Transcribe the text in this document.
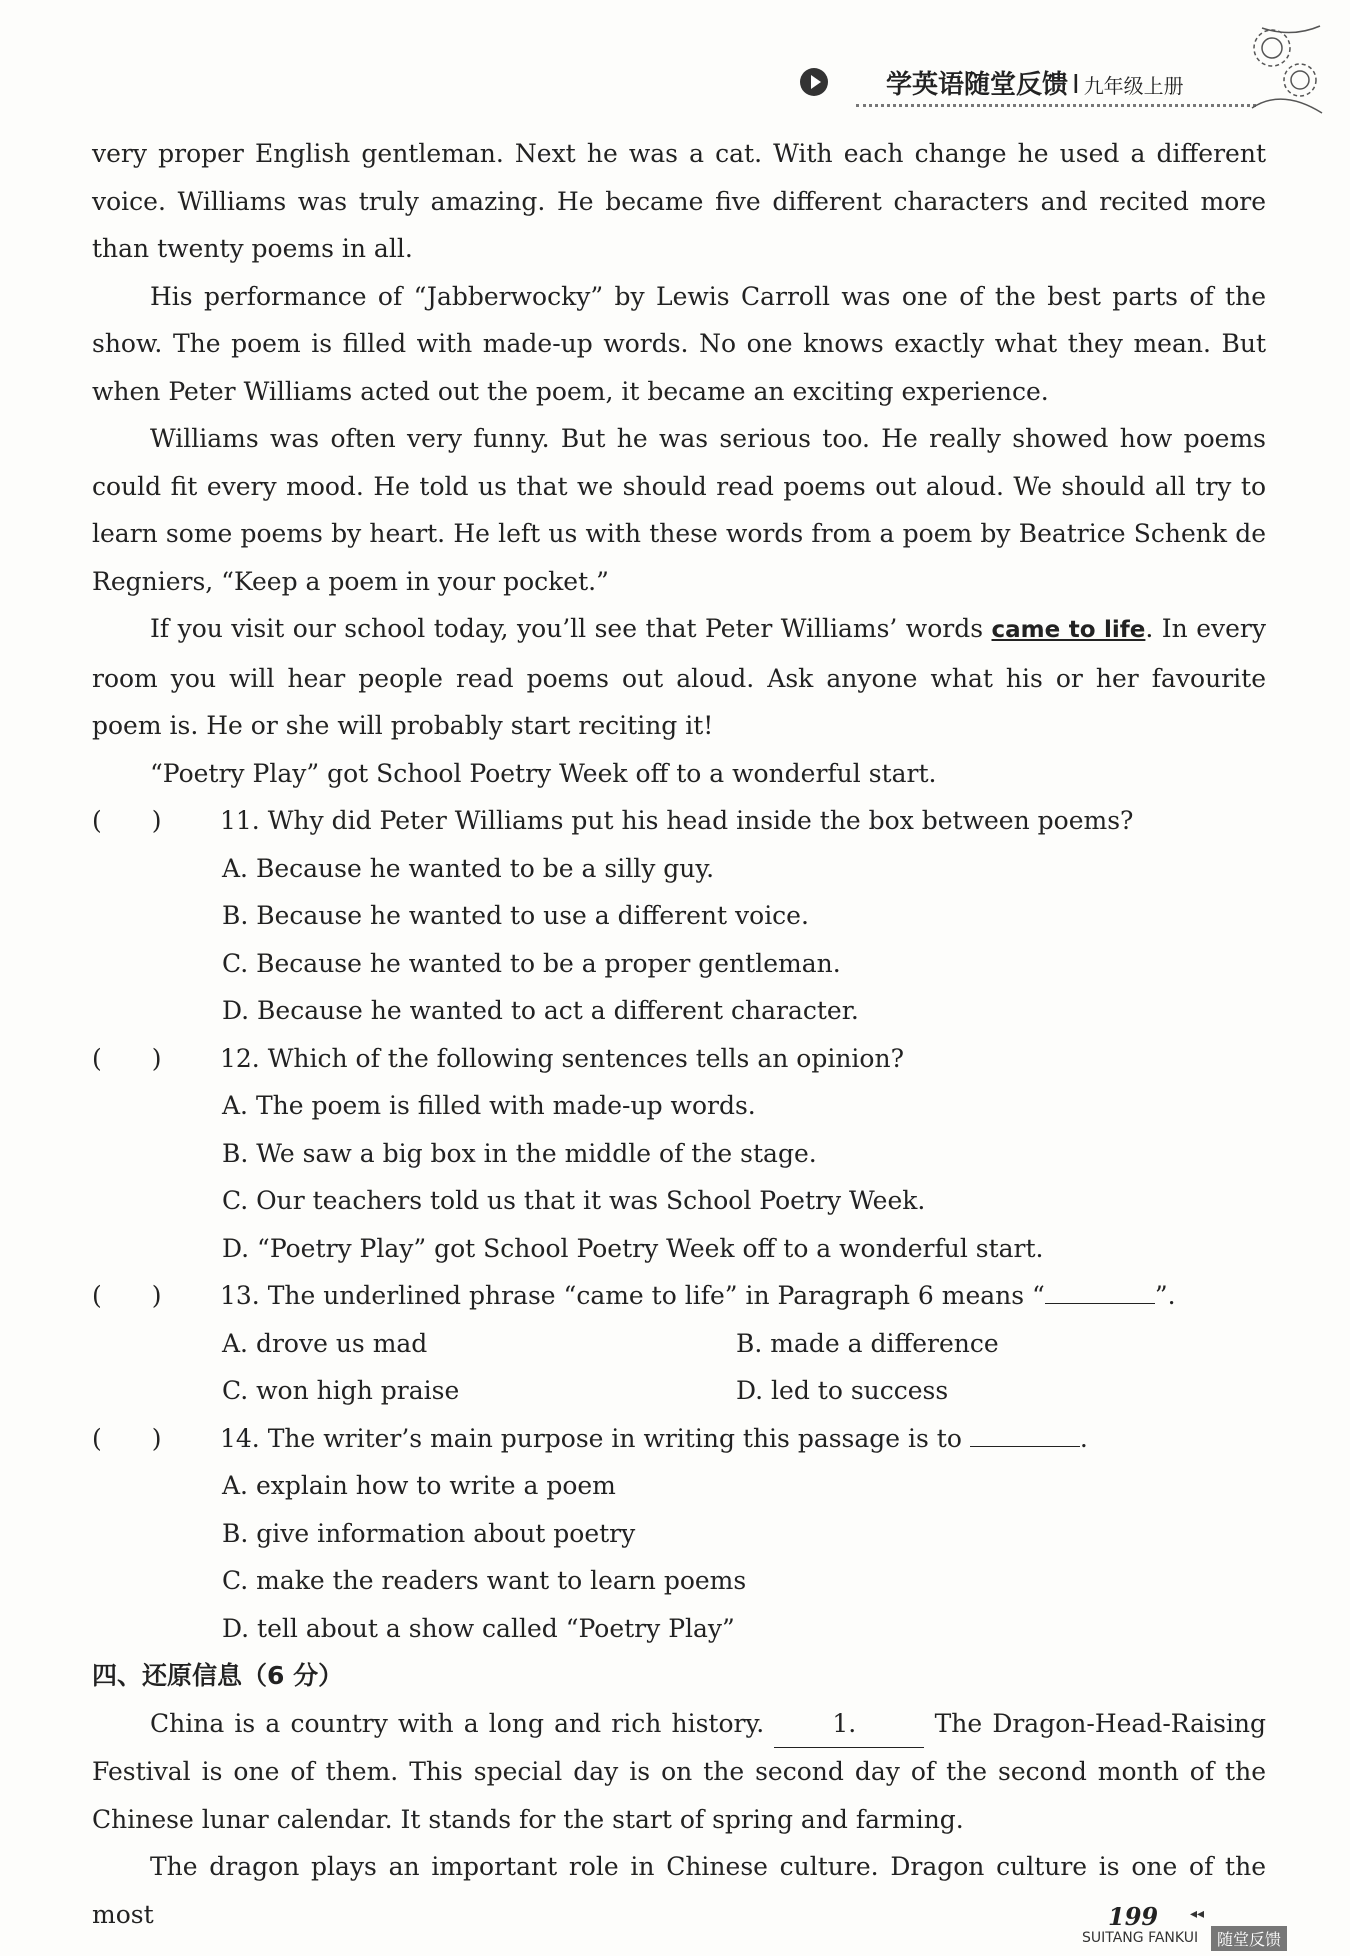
学英语随堂反馈 I 九年级上册

very proper English gentleman. Next he was a cat. With each change he used a different voice. Williams was truly amazing. He became five different characters and recited more than twenty poems in all.

His performance of “Jabberwocky” by Lewis Carroll was one of the best parts of the show. The poem is filled with made-up words. No one knows exactly what they mean. But when Peter Williams acted out the poem, it became an exciting experience.

Williams was often very funny. But he was serious too. He really showed how poems could fit every mood. He told us that we should read poems out aloud. We should all try to learn some poems by heart. He left us with these words from a poem by Beatrice Schenk de Regniers, “Keep a poem in your pocket.”

If you visit our school today, you’ll see that Peter Williams’ words came to life. In every room you will hear people read poems out aloud. Ask anyone what his or her favourite poem is. He or she will probably start reciting it!

“Poetry Play” got School Poetry Week off to a wonderful start.

(　　)	11. Why did Peter Williams put his head inside the box between poems?
A. Because he wanted to be a silly guy.
B. Because he wanted to use a different voice.
C. Because he wanted to be a proper gentleman.
D. Because he wanted to act a different character.
(　　)	12. Which of the following sentences tells an opinion?
A. The poem is filled with made-up words.
B. We saw a big box in the middle of the stage.
C. Our teachers told us that it was School Poetry Week.
D. “Poetry Play” got School Poetry Week off to a wonderful start.
(　　)	13. The underlined phrase “came to life” in Paragraph 6 means “	”.
A. drove us mad	B. made a difference
C. won high praise	D. led to success
(　　)	14. The writer’s main purpose in writing this passage is to	.
A. explain how to write a poem
B. give information about poetry
C. make the readers want to learn poems
D. tell about a show called “Poetry Play”
四、还原信息（6 分）

China is a country with a long and rich history. 1.	The Dragon-Head-Raising Festival is one of them. This special day is on the second day of the second month of the Chinese lunar calendar. It stands for the start of spring and farming.

The dragon plays an important role in Chinese culture. Dragon culture is one of the most	199 ◂◂
SUITANG FANKUI	随堂反馈
